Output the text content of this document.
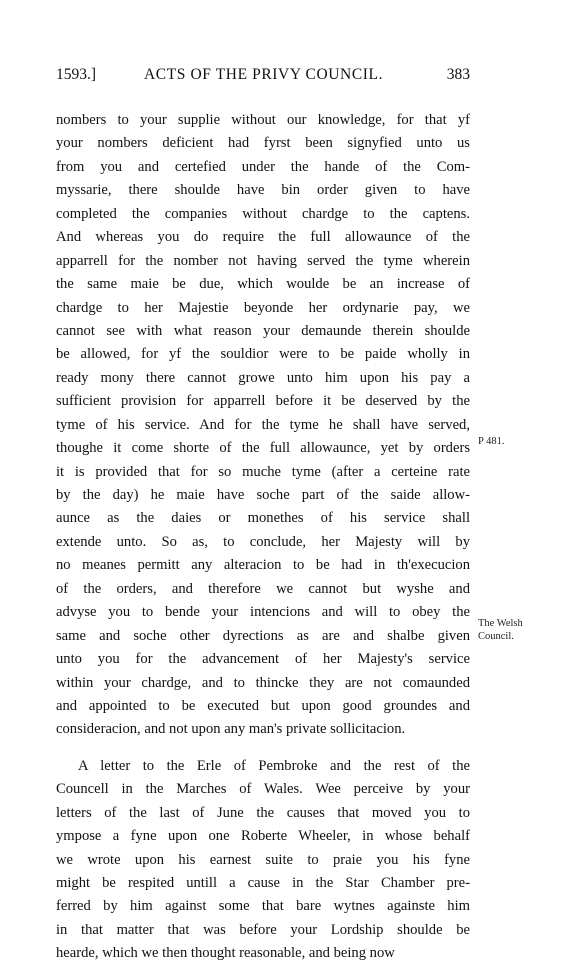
1593.]	ACTS OF THE PRIVY COUNCIL.	383
nombers to your supplie without our knowledge, for that yf
your nombers deficient had fyrst been signyfied unto us
from you and certefied under the hande of the Com-
myssarie, there shoulde have bin order given to have
completed the companies without chardge to the captens.
And whereas you do require the full allowaunce of the
apparrell for the nomber not having served the tyme wherein
the same maie be due, which woulde be an increase of
chardge to her Majestie beyonde her ordynarie pay, we
cannot see with what reason your demaunde therein shoulde
be allowed, for yf the souldior were to be paide wholly in
ready mony there cannot growe unto him upon his pay a
sufficient provision for apparrell before it be deserved by the
tyme of his service. And for the tyme he shall have served,
thoughe it come shorte of the full allowaunce, yet by orders
it is provided that for so muche tyme (after a certeine rate
by the day) he maie have soche part of the saide allow-
aunce as the daies or monethes of his service shall
extende unto. So as, to conclude, her Majesty will by
no meanes permitt any alteracion to be had in th'execucion
of the orders, and therefore we cannot but wyshe and
advyse you to bende your intencions and will to obey the
same and soche other dyrections as are and shalbe given
unto you for the advancement of her Majesty's service
within your chardge, and to thincke they are not comaunded
and appointed to be executed but upon good groundes and
consideracion, and not upon any man's private sollicitacion.
A letter to the Erle of Pembroke and the rest of the
Councell in the Marches of Wales. Wee perceive by your
letters of the last of June the causes that moved you to
ympose a fyne upon one Roberte Wheeler, in whose behalf
we wrote upon his earnest suite to praie you his fyne
might be respited untill a cause in the Star Chamber pre-
ferred by him against some that bare wytnes againste him
in that matter that was before your Lordship shoulde be
hearde, which we then thought reasonable, and being now
P 481.
The Welsh
Council.
